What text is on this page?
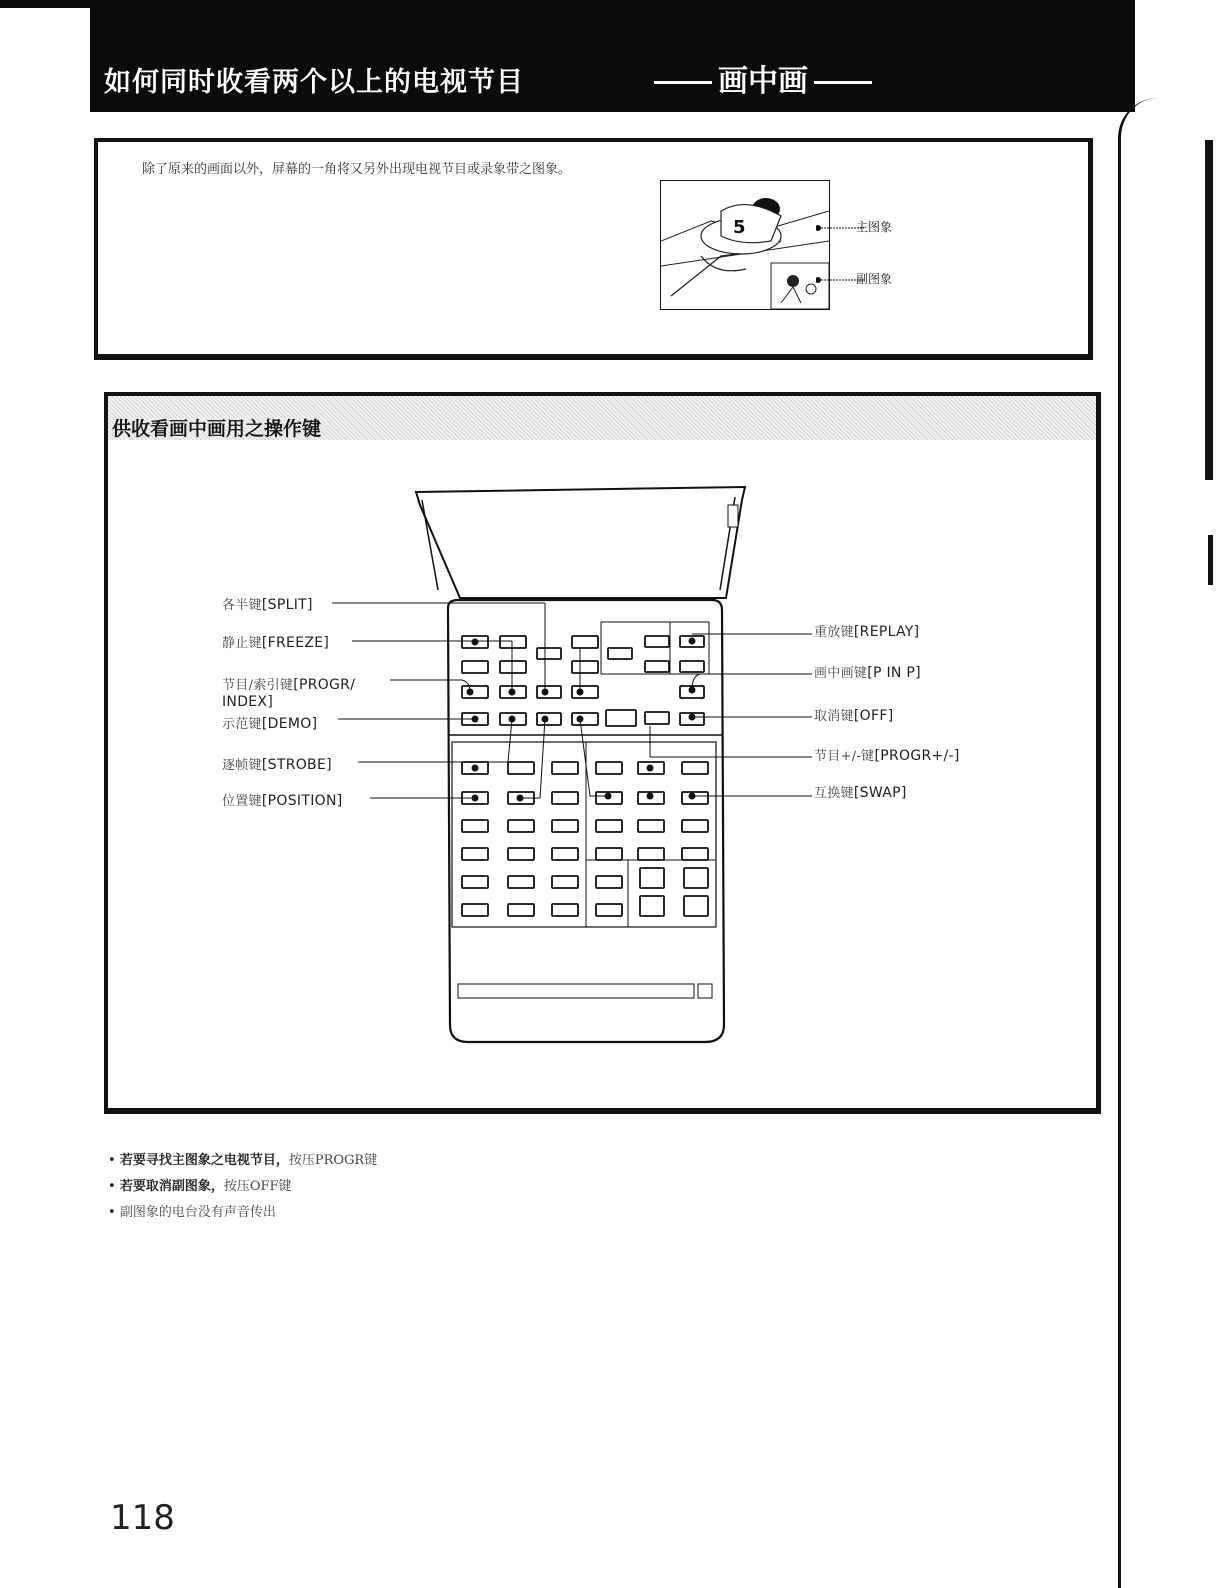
如何同时收看两个以上的电视节目	画中画
除了原来的画面以外，屏幕的一角将又另外出现电视节目或录象带之图象。
5	主图象
副图象
供收看画中画用之操作键
各半键[SPLIT]
静止键[FREEZE]
节目/索引键[PROGR/
INDEX]
示范键[DEMO]
逐帧键[STROBE]
位置键[POSITION]
重放键[REPLAY]
画中画键[P IN P]
取消键[OFF]
节目+/-键[PROGR+/-]
互换键[SWAP]
• 若要寻找主图象之电视节目，按压PROGR键
• 若要取消副图象，按压OFF键
• 副图象的电台没有声音传出
118
